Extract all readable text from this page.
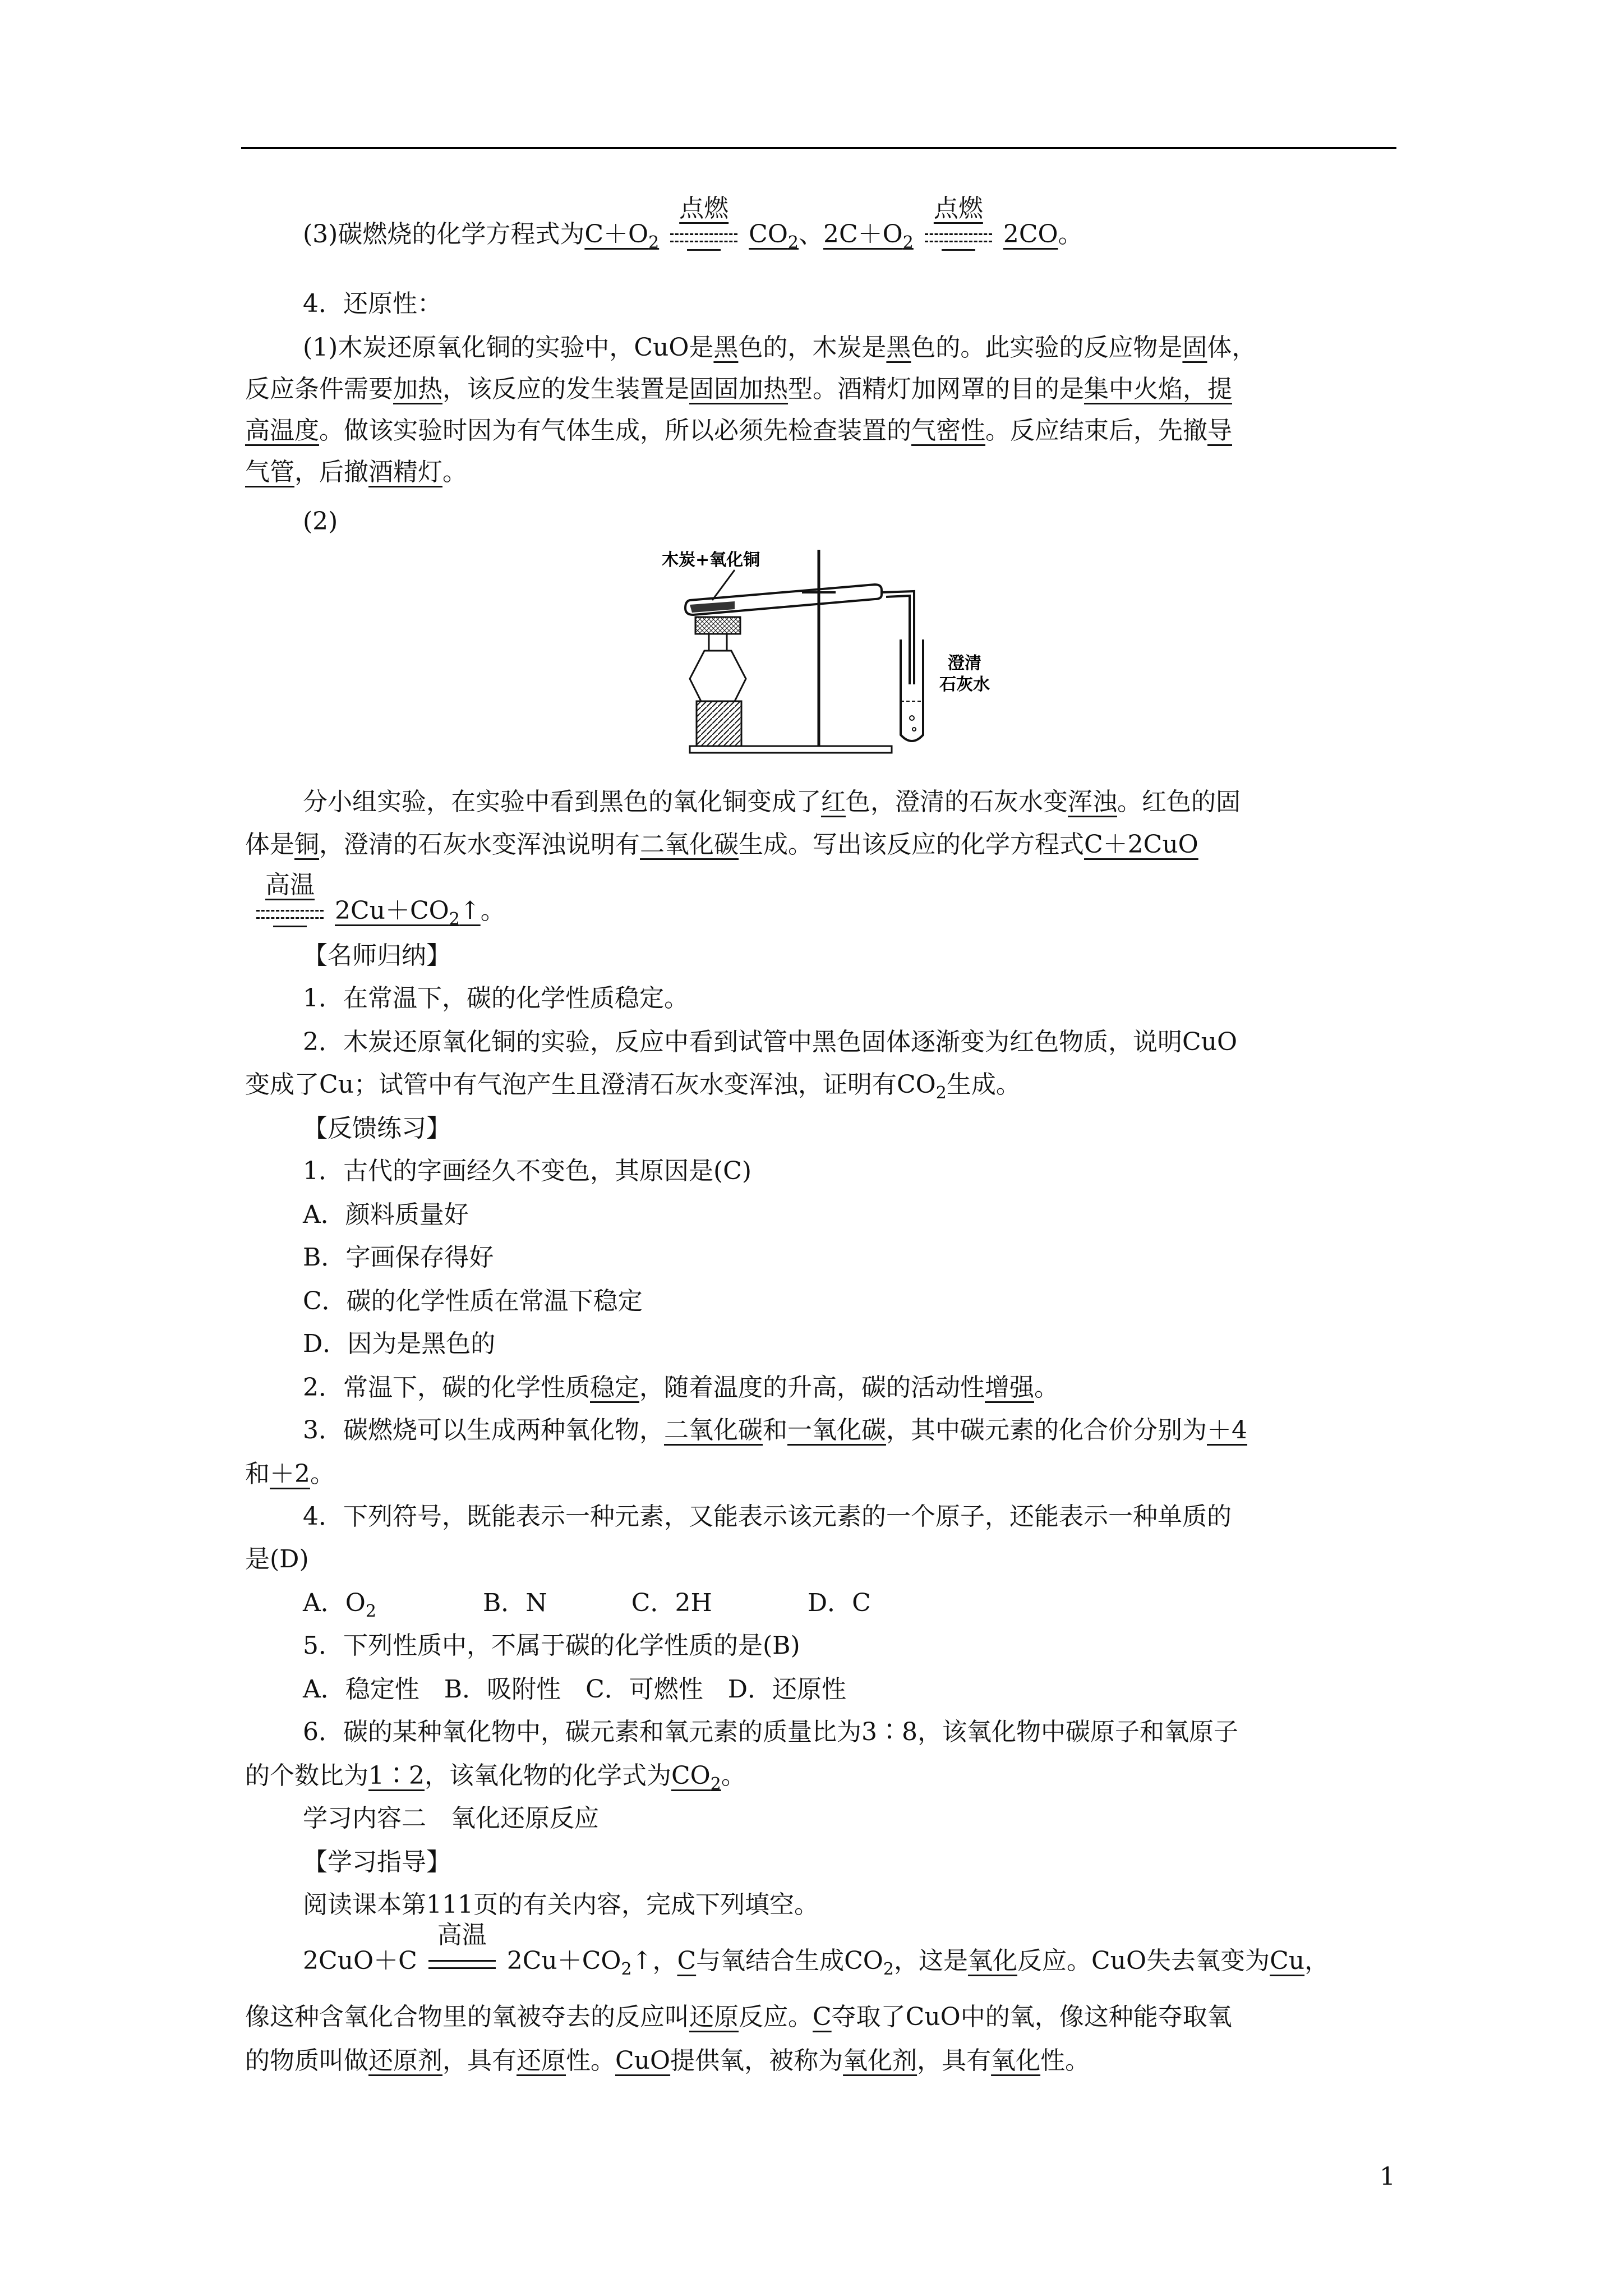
(3)碳燃烧的化学方程式为$C+O_2$
点燃
$CO_2$、$2C+O_2$
点燃
2CO。
4．还原性：
(1)木炭还原氧化铜的实验中，CuO是黑色的，木炭是黑色的。此实验的反应物是固体，
反应条件需要加热，该反应的发生装置是固固加热型。酒精灯加网罩的目的是集中火焰，提
高温度。做该实验时因为有气体生成，所以必须先检查装置的气密性。反应结束后，先撤导
气管，后撤酒精灯。
(2)
木炭+氧化铜
澄清
石灰水
分小组实验，在实验中看到黑色的氧化铜变成了红色，澄清的石灰水变浑浊。红色的固
体是铜，澄清的石灰水变浑浊说明有二氧化碳生成。写出该反应的化学方程式C＋2CuO
高温
$2Cu+CO_2↑$。
【名师归纳】
1．在常温下，碳的化学性质稳定。
2．木炭还原氧化铜的实验，反应中看到试管中黑色固体逐渐变为红色物质，说明CuO
变成了Cu；试管中有气泡产生且澄清石灰水变浑浊，证明有$CO_2$生成。
【反馈练习】
1．古代的字画经久不变色，其原因是(C)
A．颜料质量好
B．字画保存得好
C．碳的化学性质在常温下稳定
D．因为是黑色的
2．常温下，碳的化学性质稳定，随着温度的升高，碳的活动性增强。
3．碳燃烧可以生成两种氧化物，二氧化碳和一氧化碳，其中碳元素的化合价分别为＋4
和＋2。
4．下列符号，既能表示一种元素，又能表示该元素的一个原子，还能表示一种单质的
是(D)
A．$O_2$	B．N	C．2H	D．C
5．下列性质中，不属于碳的化学性质的是(B)
A．稳定性　B．吸附性　C．可燃性　D．还原性
6．碳的某种氧化物中，碳元素和氧元素的质量比为3∶8，该氧化物中碳原子和氧原子
的个数比为1∶2，该氧化物的化学式为$CO_2$。
学习内容二　氧化还原反应
【学习指导】
阅读课本第111页的有关内容，完成下列填空。
2CuO＋C
高温
$2Cu+CO_2↑$，C与氧结合生成$CO_2$，这是氧化反应。CuO失去氧变为Cu，
像这种含氧化合物里的氧被夺去的反应叫还原反应。C夺取了CuO中的氧，像这种能夺取氧
的物质叫做还原剂，具有还原性。CuO提供氧，被称为氧化剂，具有氧化性。
1
